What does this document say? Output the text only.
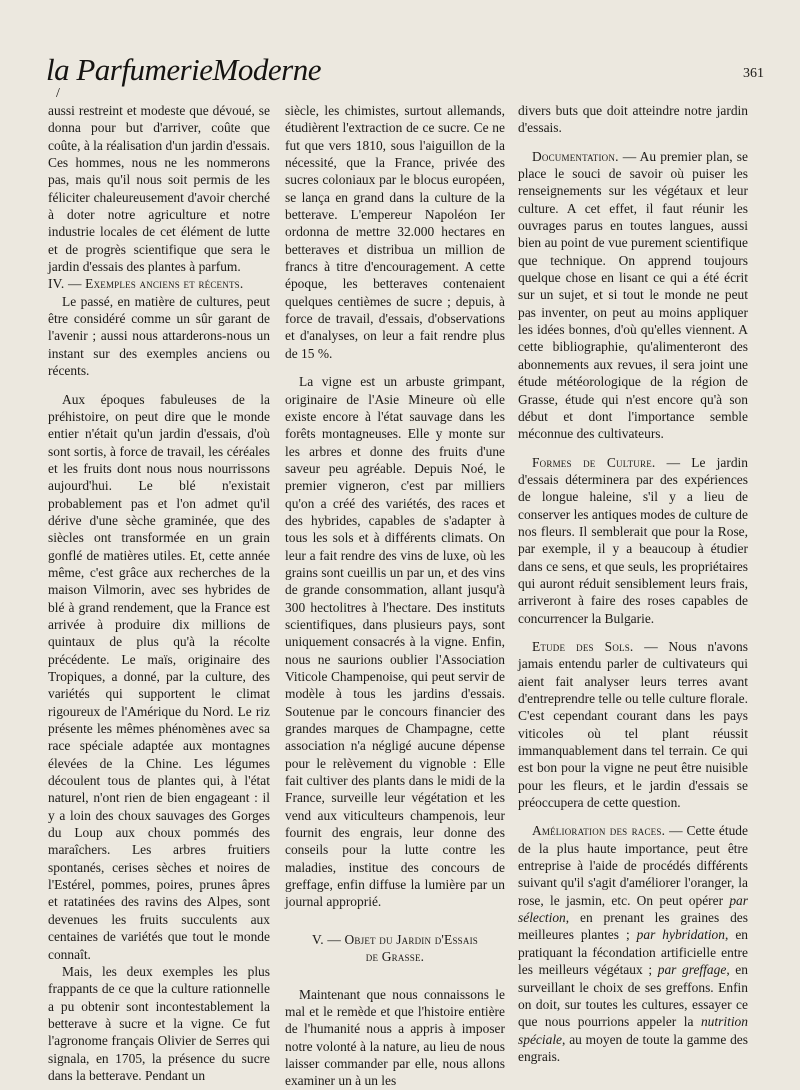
la ParfumerieModerne
/
361

aussi restreint et modeste que dévoué, se donna pour but d'arriver, coûte que coûte, à la réalisation d'un jardin d'essais. Ces hommes, nous ne les nommerons pas, mais qu'il nous soit permis de les féliciter chaleureusement d'avoir cherché à doter notre agriculture et notre industrie locales de cet élément de lutte et de progrès scientifique que sera le jardin d'essais des plantes à parfum.

IV. — Exemples anciens et récents.

Le passé, en matière de cultures, peut être considéré comme un sûr garant de l'avenir ; aussi nous attarderons-nous un instant sur des exemples anciens ou récents.

Aux époques fabuleuses de la préhistoire, on peut dire que le monde entier n'était qu'un jardin d'essais, d'où sont sortis, à force de travail, les céréales et les fruits dont nous nous nourrissons aujourd'hui. Le blé n'existait probablement pas et l'on admet qu'il dérive d'une sèche graminée, que des siècles ont transformée en un grain gonflé de matières utiles. Et, cette année même, c'est grâce aux recherches de la maison Vilmorin, avec ses hybrides de blé à grand rendement, que la France est arrivée à produire dix millions de quintaux de plus qu'à la récolte précédente. Le maïs, originaire des Tropiques, a donné, par la culture, des variétés qui supportent le climat rigoureux de l'Amérique du Nord. Le riz présente les mêmes phénomènes avec sa race spéciale adaptée aux montagnes élevées de la Chine. Les légumes découlent tous de plantes qui, à l'état naturel, n'ont rien de bien engageant : il y a loin des choux sauvages des Gorges du Loup aux choux pommés des maraîchers. Les arbres fruitiers spontanés, cerises sèches et noires de l'Estérel, pommes, poires, prunes âpres et ratatinées des ravins des Alpes, sont devenues les fruits succulents aux centaines de variétés que tout le monde connaît.

Mais, les deux exemples les plus frappants de ce que la culture rationnelle a pu obtenir sont incontestablement la betterave à sucre et la vigne. Ce fut l'agronome français Olivier de Serres qui signala, en 1705, la présence du sucre dans la betterave. Pendant un

siècle, les chimistes, surtout allemands, étudièrent l'extraction de ce sucre. Ce ne fut que vers 1810, sous l'aiguillon de la nécessité, que la France, privée des sucres coloniaux par le blocus européen, se lança en grand dans la culture de la betterave. L'empereur Napoléon Ier ordonna de mettre 32.000 hectares en betteraves et distribua un million de francs à titre d'encouragement. A cette époque, les betteraves contenaient quelques centièmes de sucre ; depuis, à force de travail, d'essais, d'observations et d'analyses, on leur a fait rendre plus de 15 %.

La vigne est un arbuste grimpant, originaire de l'Asie Mineure où elle existe encore à l'état sauvage dans les forêts montagneuses. Elle y monte sur les arbres et donne des fruits d'une saveur peu agréable. Depuis Noé, le premier vigneron, c'est par milliers qu'on a créé des variétés, des races et des hybrides, capables de s'adapter à tous les sols et à différents climats. On leur a fait rendre des vins de luxe, où les grains sont cueillis un par un, et des vins de grande consommation, allant jusqu'à 300 hectolitres à l'hectare. Des instituts scientifiques, dans plusieurs pays, sont uniquement consacrés à la vigne. Enfin, nous ne saurions oublier l'Association Viticole Champenoise, qui peut servir de modèle à tous les jardins d'essais. Soutenue par le concours financier des grandes marques de Champagne, cette association n'a négligé aucune dépense pour le relèvement du vignoble : Elle fait cultiver des plants dans le midi de la France, surveille leur végétation et les vend aux viticulteurs champenois, leur fournit des engrais, leur donne des conseils pour la lutte contre les maladies, institue des concours de greffage, enfin diffuse la lumière par un journal approprié.

V. — Objet du Jardin d'Essais
de Grasse.

Maintenant que nous connaissons le mal et le remède et que l'histoire entière de l'humanité nous a appris à imposer notre volonté à la nature, au lieu de nous laisser commander par elle, nous allons examiner un à un les

divers buts que doit atteindre notre jardin d'essais.

Documentation. — Au premier plan, se place le souci de savoir où puiser les renseignements sur les végétaux et leur culture. A cet effet, il faut réunir les ouvrages parus en toutes langues, aussi bien au point de vue purement scientifique que technique. On apprend toujours quelque chose en lisant ce qui a été écrit sur un sujet, et si tout le monde ne peut pas inventer, on peut au moins appliquer les idées bonnes, d'où qu'elles viennent. A cette bibliographie, qu'alimenteront des abonnements aux revues, il sera joint une étude météorologique de la région de Grasse, étude qui n'est encore qu'à son début et dont l'importance semble méconnue des cultivateurs.

Formes de Culture. — Le jardin d'essais déterminera par des expériences de longue haleine, s'il y a lieu de conserver les antiques modes de culture de nos fleurs. Il semblerait que pour la Rose, par exemple, il y a beaucoup à étudier dans ce sens, et que seuls, les propriétaires qui auront réduit sensiblement leurs frais, arriveront à faire des roses capables de concurrencer la Bulgarie.

Etude des Sols. — Nous n'avons jamais entendu parler de cultivateurs qui aient fait analyser leurs terres avant d'entreprendre telle ou telle culture florale. C'est cependant courant dans les pays viticoles où tel plant réussit immanquablement dans tel terrain. Ce qui est bon pour la vigne ne peut être nuisible pour les fleurs, et le jardin d'essais se préoccupera de cette question.

Amélioration des races. — Cette étude de la plus haute importance, peut être entreprise à l'aide de procédés différents suivant qu'il s'agit d'améliorer l'oranger, la rose, le jasmin, etc. On peut opérer par sélection, en prenant les graines des meilleures plantes ; par hybridation, en pratiquant la fécondation artificielle entre les meilleurs végétaux ; par greffage, en surveillant le choix de ses greffons. Enfin on doit, sur toutes les cultures, essayer ce que nous pourrions appeler la nutrition spéciale, au moyen de toute la gamme des engrais.
